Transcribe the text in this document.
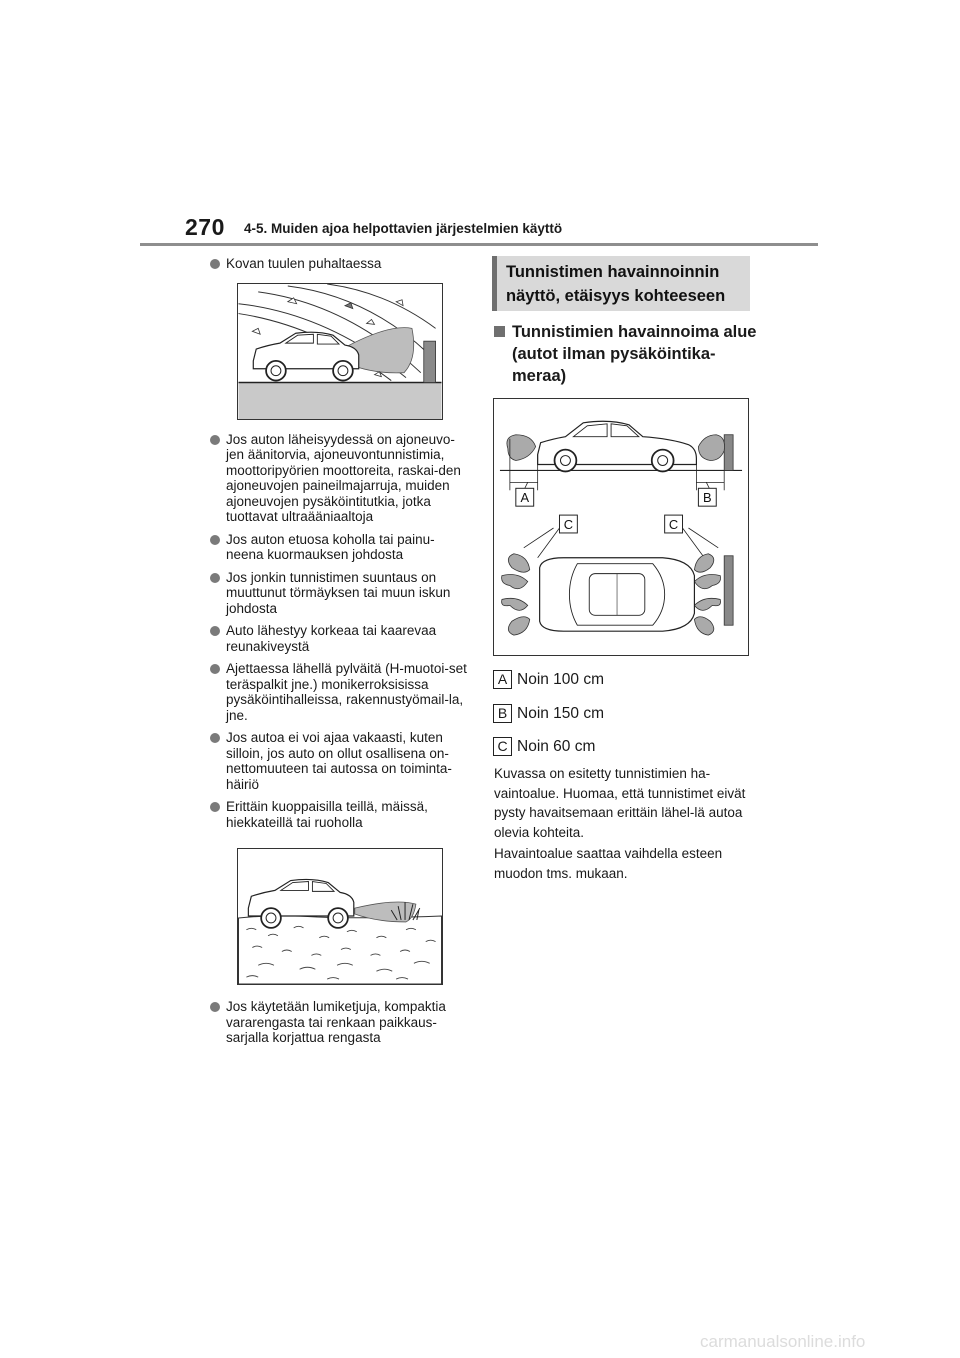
270 4-5. Muiden ajoa helpottavien järjestelmien käyttö
Kovan tuulen puhaltaessa
Jos auton läheisyydessä on ajoneuvo-jen äänitorvia, ajoneuvontunnistimia, moottoripyörien moottoreita, raskai-den ajoneuvojen paineilmajarruja, muiden ajoneuvojen pysäköintitutkia, jotka tuottavat ultraääniaaltoja
Jos auton etuosa koholla tai painu-neena kuormauksen johdosta
Jos jonkin tunnistimen suuntaus on muuttunut törmäyksen tai muun iskun johdosta
Auto lähestyy korkeaa tai kaarevaa reunakiveystä
Ajettaessa lähellä pylväitä (H-muotoi-set teräspalkit jne.) monikerroksisissa pysäköintihalleissa, rakennustyömail-la, jne.
Jos autoa ei voi ajaa vakaasti, kuten silloin, jos auto on ollut osallisena on-nettomuuteen tai autossa on toiminta-häiriö
Erittäin kuoppaisilla teillä, mäissä, hiekkateillä tai ruoholla
Jos käytetään lumiketjuja, kompaktia vararengasta tai renkaan paikkaus-sarjalla korjattua rengasta
Tunnistimen havainnoinnin näyttö, etäisyys kohteeseen
Tunnistimien havainnoima alue (autot ilman pysäköintika-meraa)
A	B
C	C
A Noin 100 cm
B Noin 150 cm
C Noin 60 cm
Kuvassa on esitetty tunnistimien ha-vaintoalue. Huomaa, että tunnistimet eivät pysty havaitsemaan erittäin lähel-lä autoa olevia kohteita.
Havaintoalue saattaa vaihdella esteen muodon tms. mukaan.
carmanualsonline.info
